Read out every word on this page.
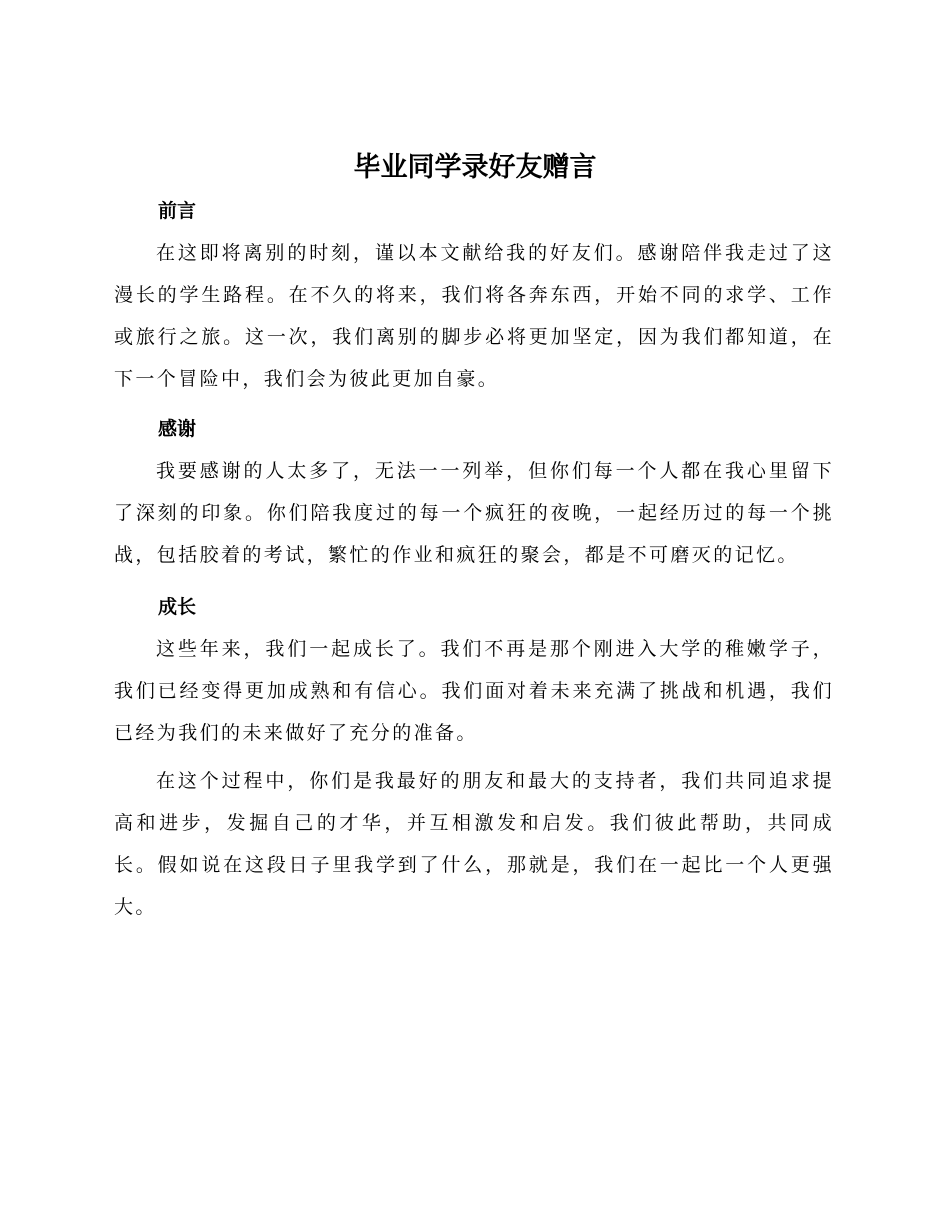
毕业同学录好友赠言
前言

在这即将离别的时刻，谨以本文献给我的好友们。感谢陪伴我走过了这漫长的学生路程。在不久的将来，我们将各奔东西，开始不同的求学、工作或旅行之旅。这一次，我们离别的脚步必将更加坚定，因为我们都知道，在下一个冒险中，我们会为彼此更加自豪。

感谢

我要感谢的人太多了，无法一一列举，但你们每一个人都在我心里留下了深刻的印象。你们陪我度过的每一个疯狂的夜晚，一起经历过的每一个挑战，包括胶着的考试，繁忙的作业和疯狂的聚会，都是不可磨灭的记忆。

成长

这些年来，我们一起成长了。我们不再是那个刚进入大学的稚嫩学子，我们已经变得更加成熟和有信心。我们面对着未来充满了挑战和机遇，我们已经为我们的未来做好了充分的准备。

在这个过程中，你们是我最好的朋友和最大的支持者，我们共同追求提高和进步，发掘自己的才华，并互相激发和启发。我们彼此帮助，共同成长。假如说在这段日子里我学到了什么，那就是，我们在一起比一个人更强大。
